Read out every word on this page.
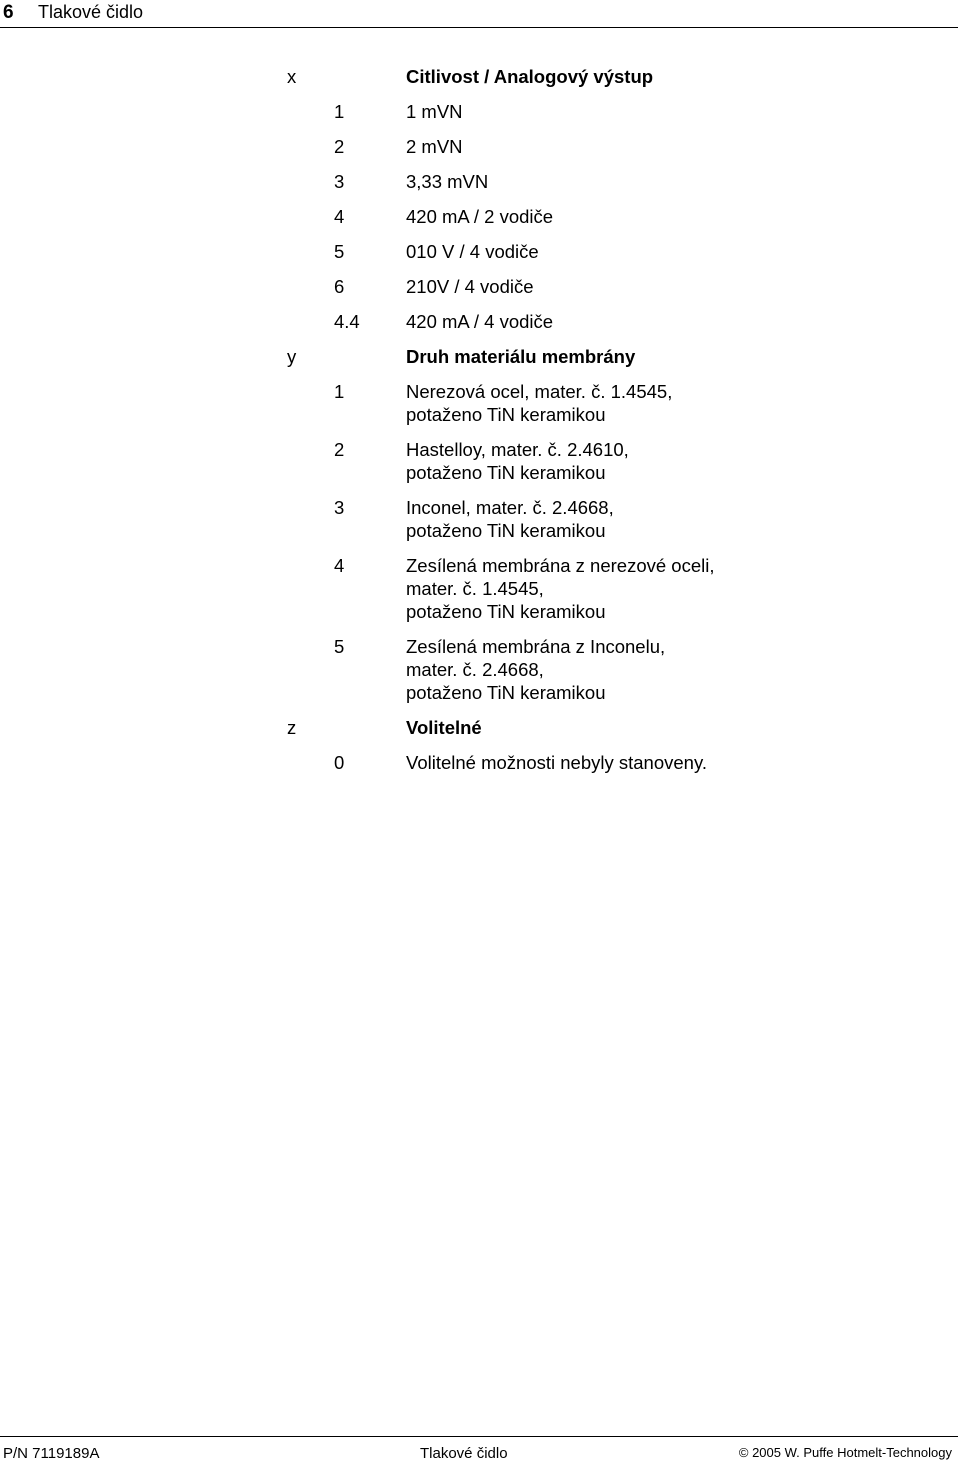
6 Tlakové čidlo
x	Citlivost / Analogový výstup
1	1 mVN
2	2 mVN
3	3,33 mVN
4	420 mA / 2 vodiče
5	010 V / 4 vodiče
6	210V / 4 vodiče
4.4	420 mA / 4 vodiče
y	Druh materiálu membrány
1	Nerezová ocel, mater. č. 1.4545,
potaženo TiN keramikou
2	Hastelloy, mater. č. 2.4610,
potaženo TiN keramikou
3	Inconel, mater. č. 2.4668,
potaženo TiN keramikou
4	Zesílená membrána z nerezové oceli,
mater. č. 1.4545,
potaženo TiN keramikou
5	Zesílená membrána z Inconelu,
mater. č. 2.4668,
potaženo TiN keramikou
z	Volitelné
0	Volitelné možnosti nebyly stanoveny.
P/N 7119189A	Tlakové čidlo	© 2005 W. Puffe Hotmelt-Technology
